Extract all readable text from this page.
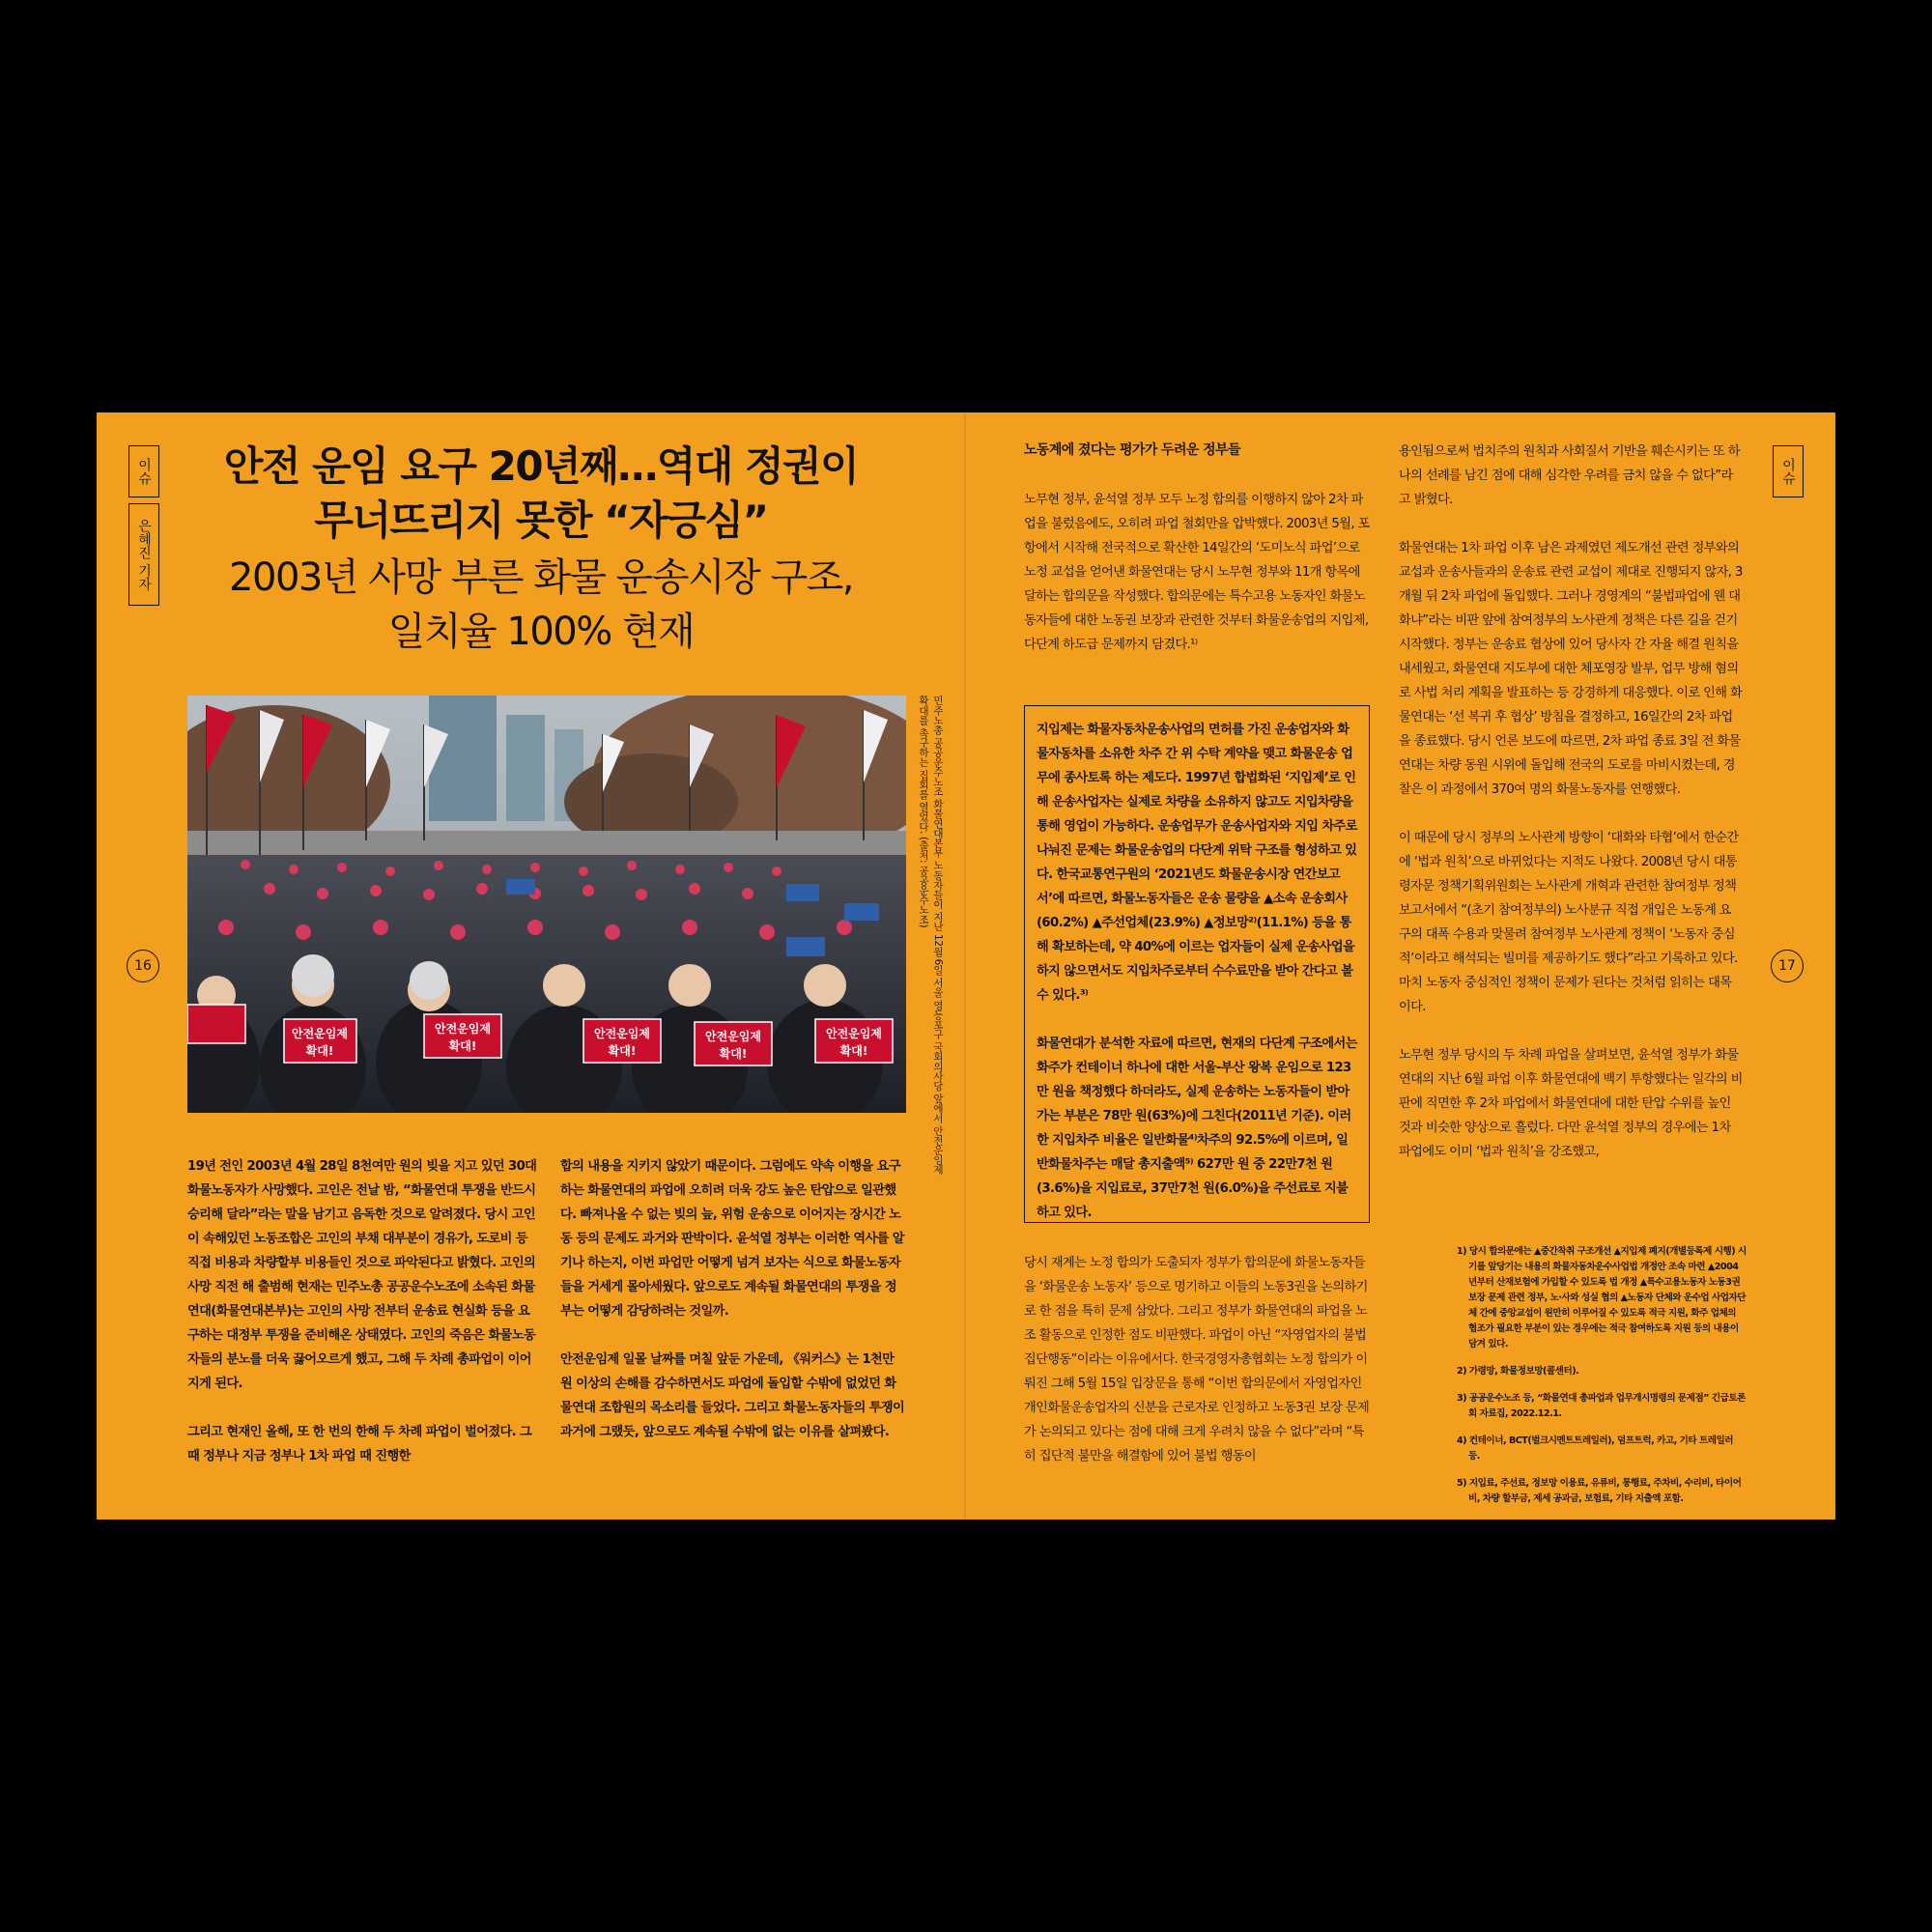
이슈
은혜진 기자
이슈
16	17
안전 운임 요구 20년째…역대 정권이
무너뜨리지 못한 “자긍심”
2003년 사망 부른 화물 운송시장 구조,
일치율 100% 현재
안전운임제
확대!
안전운임제
확대!
안전운임제
확대!
안전운임제
확대!
안전운임제
확대!	민주노총 공공운수노조 화물연대본부 노동자들이 지난 12월 6일 서울 영등포구 국회의사당 앞에서 안전운임제 확대를 촉구하는 집회를 열었다. (출처: 공공운수노조)

19년 전인 2003년 4월 28일 8천여만 원의 빚을 지고 있던 30대 화물노동자가 사망했다. 고인은 전날 밤, “화물연대 투쟁을 반드시 승리해 달라”라는 말을 남기고 음독한 것으로 알려졌다. 당시 고인이 속해있던 노동조합은 고인의 부채 대부분이 경유가, 도로비 등 직접 비용과 차량할부 비용들인 것으로 파악된다고 밝혔다. 고인의 사망 직전 해 출범해 현재는 민주노총 공공운수노조에 소속된 화물연대(화물연대본부)는 고인의 사망 전부터 운송료 현실화 등을 요구하는 대정부 투쟁을 준비해온 상태였다. 고인의 죽음은 화물노동자들의 분노를 더욱 끓어오르게 했고, 그해 두 차례 총파업이 이어지게 된다.

그리고 현재인 올해, 또 한 번의 한해 두 차례 파업이 벌어졌다. 그때 정부나 지금 정부나 1차 파업 때 진행한

합의 내용을 지키지 않았기 때문이다. 그럼에도 약속 이행을 요구하는 화물연대의 파업에 오히려 더욱 강도 높은 탄압으로 일관했다. 빠져나올 수 없는 빚의 늪, 위험 운송으로 이어지는 장시간 노동 등의 문제도 과거와 판박이다. 윤석열 정부는 이러한 역사를 알기나 하는지, 이번 파업만 어떻게 넘겨 보자는 식으로 화물노동자들을 거세게 몰아세웠다. 앞으로도 계속될 화물연대의 투쟁을 정부는 어떻게 감당하려는 것일까.

안전운임제 일몰 날짜를 며칠 앞둔 가운데, 《워커스》는 1천만 원 이상의 손해를 감수하면서도 파업에 돌입할 수밖에 없었던 화물연대 조합원의 목소리를 들었다. 그리고 화물노동자들의 투쟁이 과거에 그랬듯, 앞으로도 계속될 수밖에 없는 이유를 살펴봤다.

노동계에 졌다는 평가가 두려운 정부들
노무현 정부, 윤석열 정부 모두 노정 합의를 이행하지 않아 2차 파업을 불렀음에도, 오히려 파업 철회만을 압박했다. 2003년 5월, 포항에서 시작해 전국적으로 확산한 14일간의 ‘도미노식 파업’으로 노정 교섭을 얻어낸 화물연대는 당시 노무현 정부와 11개 항목에 달하는 합의문을 작성했다. 합의문에는 특수고용 노동자인 화물노동자들에 대한 노동권 보장과 관련한 것부터 화물운송업의 지입제, 다단계 하도급 문제까지 담겼다.¹⁾
지입제는 화물자동차운송사업의 면허를 가진 운송업자와 화물자동차를 소유한 차주 간 위 수탁 계약을 맺고 화물운송 업무에 종사토록 하는 제도다. 1997년 합법화된 ‘지입제’로 인해 운송사업자는 실제로 차량을 소유하지 않고도 지입차량을 통해 영업이 가능하다. 운송업무가 운송사업자와 지입 차주로 나눠진 문제는 화물운송업의 다단계 위탁 구조를 형성하고 있다. 한국교통연구원의 ‘2021년도 화물운송시장 연간보고서’에 따르면, 화물노동자들은 운송 물량을 ▲소속 운송회사(60.2%) ▲주선업체(23.9%) ▲정보망²⁾(11.1%) 등을 통해 확보하는데, 약 40%에 이르는 업자들이 실제 운송사업을 하지 않으면서도 지입차주로부터 수수료만을 받아 간다고 볼 수 있다.³⁾
화물연대가 분석한 자료에 따르면, 현재의 다단계 구조에서는 화주가 컨테이너 하나에 대한 서울-부산 왕복 운임으로 123만 원을 책정했다 하더라도, 실제 운송하는 노동자들이 받아 가는 부분은 78만 원(63%)에 그친다(2011년 기준). 이러한 지입차주 비율은 일반화물⁴⁾차주의 92.5%에 이르며, 일반화물차주는 매달 총지출액⁵⁾ 627만 원 중 22만7천 원(3.6%)을 지입료로, 37만7천 원(6.0%)을 주선료로 지불하고 있다.
당시 재계는 노정 합의가 도출되자 정부가 합의문에 화물노동자들을 ‘화물운송 노동자’ 등으로 명기하고 이들의 노동3권을 논의하기로 한 점을 특히 문제 삼았다. 그리고 정부가 화물연대의 파업을 노조 활동으로 인정한 점도 비판했다. 파업이 아닌 “자영업자의 불법 집단행동”이라는 이유에서다. 한국경영자총협회는 노정 합의가 이뤄진 그해 5월 15일 입장문을 통해 “이번 합의문에서 자영업자인 개인화물운송업자의 신분을 근로자로 인정하고 노동3권 보장 문제가 논의되고 있다는 점에 대해 크게 우려치 않을 수 없다”라며 “특히 집단적 불만을 해결함에 있어 불법 행동이

용인됨으로써 법치주의 원칙과 사회질서 기반을 훼손시키는 또 하나의 선례를 남긴 점에 대해 심각한 우려를 금치 않을 수 없다”라고 밝혔다.

화물연대는 1차 파업 이후 남은 과제였던 제도개선 관련 정부와의 교섭과 운송사들과의 운송료 관련 교섭이 제대로 진행되지 않자, 3개월 뒤 2차 파업에 돌입했다. 그러나 경영계의 “불법파업에 웬 대화냐”라는 비판 앞에 참여정부의 노사관계 정책은 다른 길을 걷기 시작했다. 정부는 운송료 협상에 있어 당사자 간 자율 해결 원칙을 내세웠고, 화물연대 지도부에 대한 체포영장 발부, 업무 방해 혐의로 사법 처리 계획을 발표하는 등 강경하게 대응했다. 이로 인해 화물연대는 ‘선 복귀 후 협상’ 방침을 결정하고, 16일간의 2차 파업을 종료했다. 당시 언론 보도에 따르면, 2차 파업 종료 3일 전 화물연대는 차량 동원 시위에 돌입해 전국의 도로를 마비시켰는데, 경찰은 이 과정에서 370여 명의 화물노동자를 연행했다.

이 때문에 당시 정부의 노사관계 방향이 ‘대화와 타협’에서 한순간에 ‘법과 원칙’으로 바뀌었다는 지적도 나왔다. 2008년 당시 대통령자문 정책기획위원회는 노사관계 개혁과 관련한 참여정부 정책보고서에서 “(초기 참여정부의) 노사분규 직접 개입은 노동계 요구의 대폭 수용과 맞물려 참여정부 노사관계 정책이 ‘노동자 중심적’이라고 해석되는 빌미를 제공하기도 했다”라고 기록하고 있다. 마치 노동자 중심적인 정책이 문제가 된다는 것처럼 읽히는 대목이다.

노무현 정부 당시의 두 차례 파업을 살펴보면, 윤석열 정부가 화물연대의 지난 6월 파업 이후 화물연대에 백기 투항했다는 일각의 비판에 직면한 후 2차 파업에서 화물연대에 대한 탄압 수위를 높인 것과 비슷한 양상으로 흘렀다. 다만 윤석열 정부의 경우에는 1차 파업에도 이미 ‘법과 원칙’을 강조했고,

1) 당시 합의문에는 ▲중간착취 구조개선 ▲지입제 폐지(개별등록제 시행) 시기를 앞당기는 내용의 화물자동차운수사업법 개정안 조속 마련 ▲2004년부터 산재보험에 가입할 수 있도록 법 개정 ▲특수고용노동자 노동3권 보장 문제 관련 정부, 노·사와 성실 협의 ▲노동자 단체와 운수업 사업자단체 간에 중앙교섭이 원만히 이루어질 수 있도록 적극 지원, 화주 업체의 협조가 필요한 부분이 있는 경우에는 적극 참여하도록 지원 등의 내용이 담겨 있다.
2) 가령망, 화물정보망(콜센터).
3) 공공운수노조 등, “화물연대 총파업과 업무개시명령의 문제점” 긴급토론회 자료집, 2022.12.1.
4) 컨테이너, BCT(벌크시멘트트레일러), 덤프트럭, 카고, 기타 트레일러 등.
5) 지입료, 주선료, 정보망 이용료, 유류비, 통행료, 주차비, 수리비, 타이어비, 차량 할부금, 제세 공과금, 보험료, 기타 지출액 포함.
